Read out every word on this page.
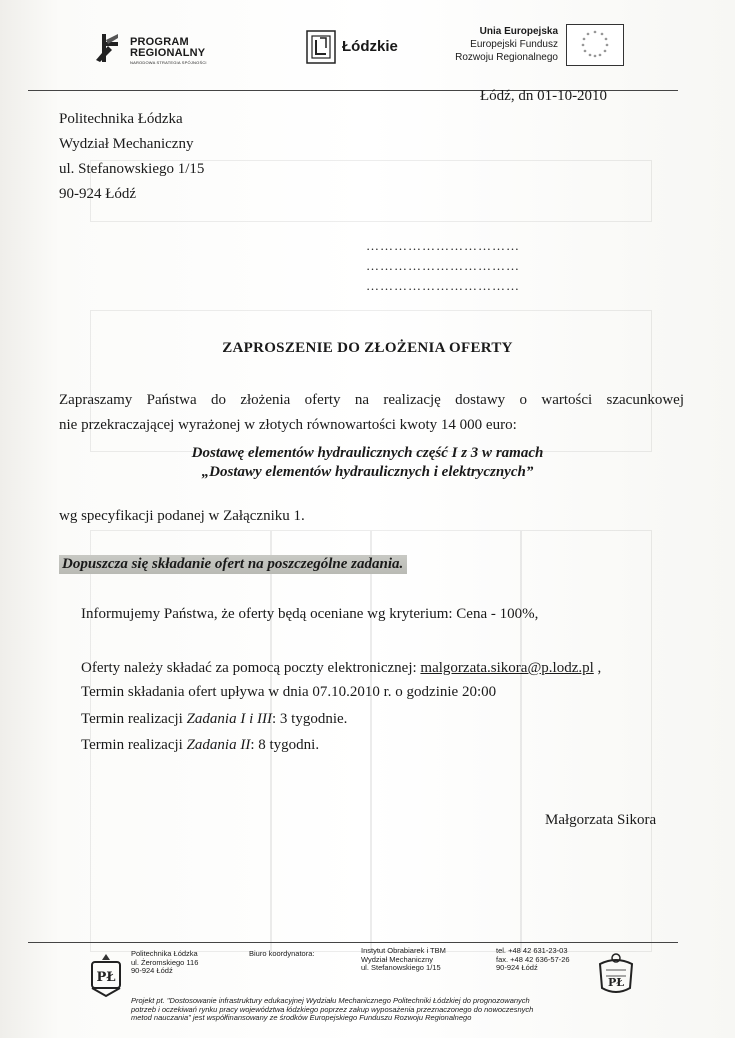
PROGRAM
REGIONALNY
NARODOWA STRATEGIA SPÓJNOŚCI
Łódzkie
Unia Europejska
Europejski Fundusz
Rozwoju Regionalnego
* *
*
*
*
*
*
*
*
*
*
*
Łódź, dn 01-10-2010
Politechnika Łódzka
Wydział Mechaniczny
ul. Stefanowskiego 1/15
90-924 Łódź
……………………………
……………………………
……………………………
ZAPROSZENIE DO ZŁOŻENIA OFERTY
Zapraszamy Państwa do złożenia oferty na realizację dostawy o wartości szacunkowej
nie przekraczającej wyrażonej w złotych równowartości kwoty 14 000 euro:
Dostawę elementów hydraulicznych część I z 3 w ramach
„Dostawy elementów hydraulicznych i elektrycznych”
wg specyfikacji podanej w Załączniku 1.
Dopuszcza się składanie ofert na poszczególne zadania.
Informujemy Państwa, że oferty będą oceniane wg kryterium: Cena - 100%,
Oferty należy składać za pomocą poczty elektronicznej: malgorzata.sikora@p.lodz.pl ,
Termin składania ofert upływa w dnia 07.10.2010 r. o godzinie 20:00
Termin realizacji Zadania I i III: 3 tygodnie.
Termin realizacji Zadania II: 8 tygodni.
Małgorzata Sikora
PŁ
Politechnika Łódzka
ul. Żeromskiego 116
90-924 Łódź
Biuro koordynatora:	Instytut Obrabiarek i TBM
Wydział Mechaniczny
ul. Stefanowskiego 1/15
tel. +48 42 631-23-03
fax. +48 42 636-57-26
90-924 Łódź
Projekt pt. "Dostosowanie infrastruktury edukacyjnej Wydziału Mechanicznego Politechniki Łódzkiej do prognozowanych
potrzeb i oczekiwań rynku pracy województwa łódzkiego poprzez zakup wyposażenia przeznaczonego do nowoczesnych
metod nauczania" jest współfinansowany ze środków Europejskiego Funduszu Rozwoju Regionalnego
PŁ
